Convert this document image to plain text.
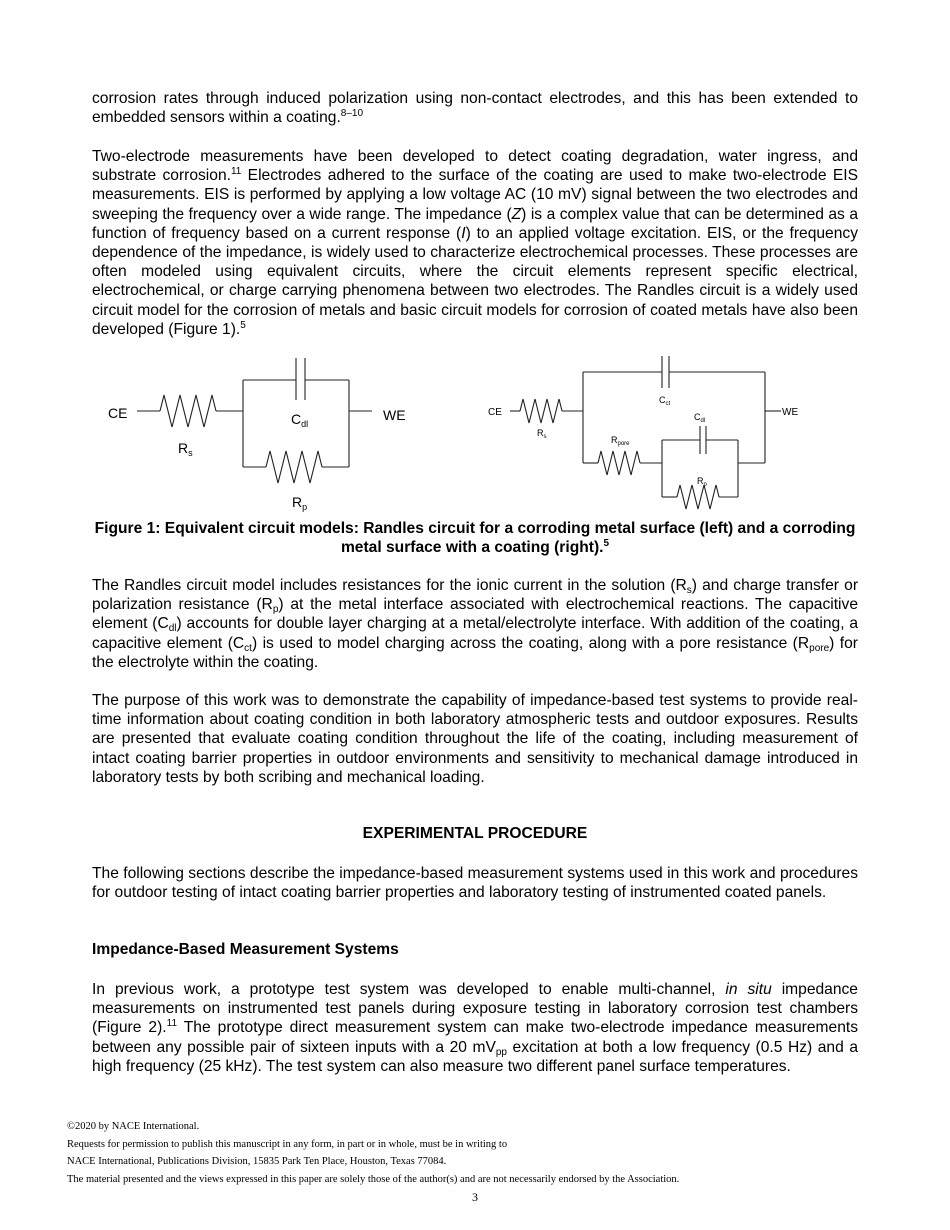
corrosion rates through induced polarization using non-contact electrodes, and this has been extended to embedded sensors within a coating.$^{8-10}$
Two-electrode measurements have been developed to detect coating degradation, water ingress, and substrate corrosion.$^{11}$ Electrodes adhered to the surface of the coating are used to make two-electrode EIS measurements. EIS is performed by applying a low voltage AC (10 mV) signal between the two electrodes and sweeping the frequency over a wide range. The impedance (Z) is a complex value that can be determined as a function of frequency based on a current response (I) to an applied voltage excitation. EIS, or the frequency dependence of the impedance, is widely used to characterize electrochemical processes. These processes are often modeled using equivalent circuits, where the circuit elements represent specific electrical, electrochemical, or charge carrying phenomena between two electrodes. The Randles circuit is a widely used circuit model for the corrosion of metals and basic circuit models for corrosion of coated metals have also been developed (Figure 1).$^5$
CE	WE
$C_{dl}$
$R_s$
$R_p$
CE	WE
$C_{ct}$
$C_{dl}$
$R_s$	$R_{pore}$
$R_p$
Figure 1: Equivalent circuit models: Randles circuit for a corroding metal surface (left) and a corroding metal surface with a coating (right).$^5$
The Randles circuit model includes resistances for the ionic current in the solution $(R_s)$ and charge transfer or polarization resistance $(R_p)$ at the metal interface associated with electrochemical reactions. The capacitive element $(C_{dl})$ accounts for double layer charging at a metal/electrolyte interface. With addition of the coating, a capacitive element $(C_{ct})$ is used to model charging across the coating, along with a pore resistance $(R_{pore})$ for the electrolyte within the coating.
The purpose of this work was to demonstrate the capability of impedance-based test systems to provide real-time information about coating condition in both laboratory atmospheric tests and outdoor exposures. Results are presented that evaluate coating condition throughout the life of the coating, including measurement of intact coating barrier properties in outdoor environments and sensitivity to mechanical damage introduced in laboratory tests by both scribing and mechanical loading.
EXPERIMENTAL PROCEDURE
The following sections describe the impedance-based measurement systems used in this work and procedures for outdoor testing of intact coating barrier properties and laboratory testing of instrumented coated panels.
Impedance-Based Measurement Systems
In previous work, a prototype test system was developed to enable multi-channel, in situ impedance measurements on instrumented test panels during exposure testing in laboratory corrosion test chambers (Figure 2).$^{11}$ The prototype direct measurement system can make two-electrode impedance measurements between any possible pair of sixteen inputs with a 20 $mV_{pp}$ excitation at both a low frequency (0.5 Hz) and a high frequency (25 kHz). The test system can also measure two different panel surface temperatures.
©2020 by NACE International.
Requests for permission to publish this manuscript in any form, in part or in whole, must be in writing to
NACE International, Publications Division, 15835 Park Ten Place, Houston, Texas 77084.
The material presented and the views expressed in this paper are solely those of the author(s) and are not necessarily endorsed by the Association.
3
